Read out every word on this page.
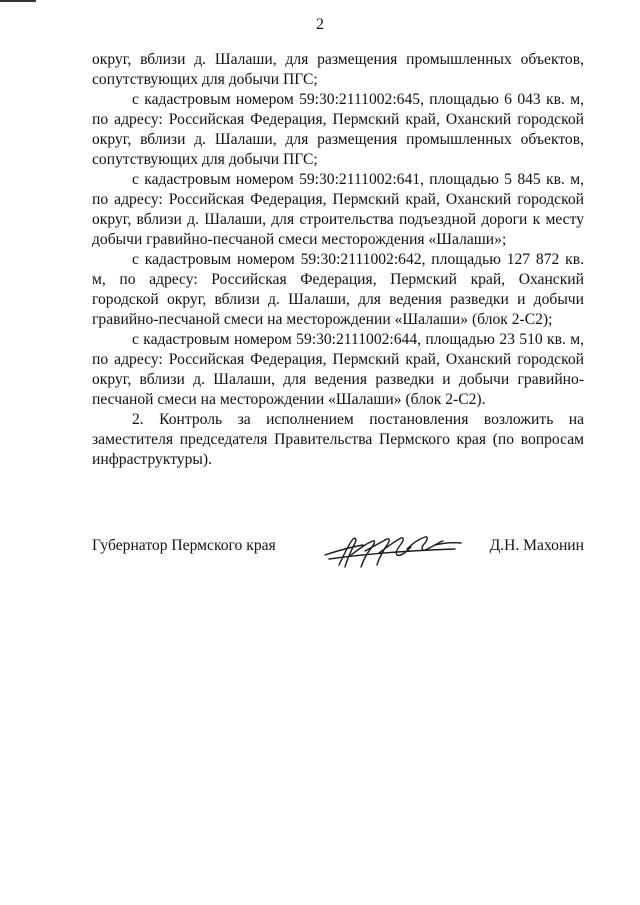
2

округ, вблизи д. Шалаши, для размещения промышленных объектов, сопутствующих для добычи ПГС;

с кадастровым номером 59:30:2111002:645, площадью 6 043 кв. м, по адресу: Российская Федерация, Пермский край, Оханский городской округ, вблизи д. Шалаши, для размещения промышленных объектов, сопутствующих для добычи ПГС;

с кадастровым номером 59:30:2111002:641, площадью 5 845 кв. м, по адресу: Российская Федерация, Пермский край, Оханский городской округ, вблизи д. Шалаши, для строительства подъездной дороги к месту добычи гравийно-песчаной смеси месторождения «Шалаши»;

с кадастровым номером 59:30:2111002:642, площадью 127 872 кв. м, по адресу: Российская Федерация, Пермский край, Оханский городской округ, вблизи д. Шалаши, для ведения разведки и добычи гравийно-песчаной смеси на месторождении «Шалаши» (блок 2-С2);

с кадастровым номером 59:30:2111002:644, площадью 23 510 кв. м, по адресу: Российская Федерация, Пермский край, Оханский городской округ, вблизи д. Шалаши, для ведения разведки и добычи гравийно-песчаной смеси на месторождении «Шалаши» (блок 2-С2).

2. Контроль за исполнением постановления возложить на заместителя председателя Правительства Пермского края (по вопросам инфраструктуры).

Губернатор Пермского края	Д.Н. Махонин
